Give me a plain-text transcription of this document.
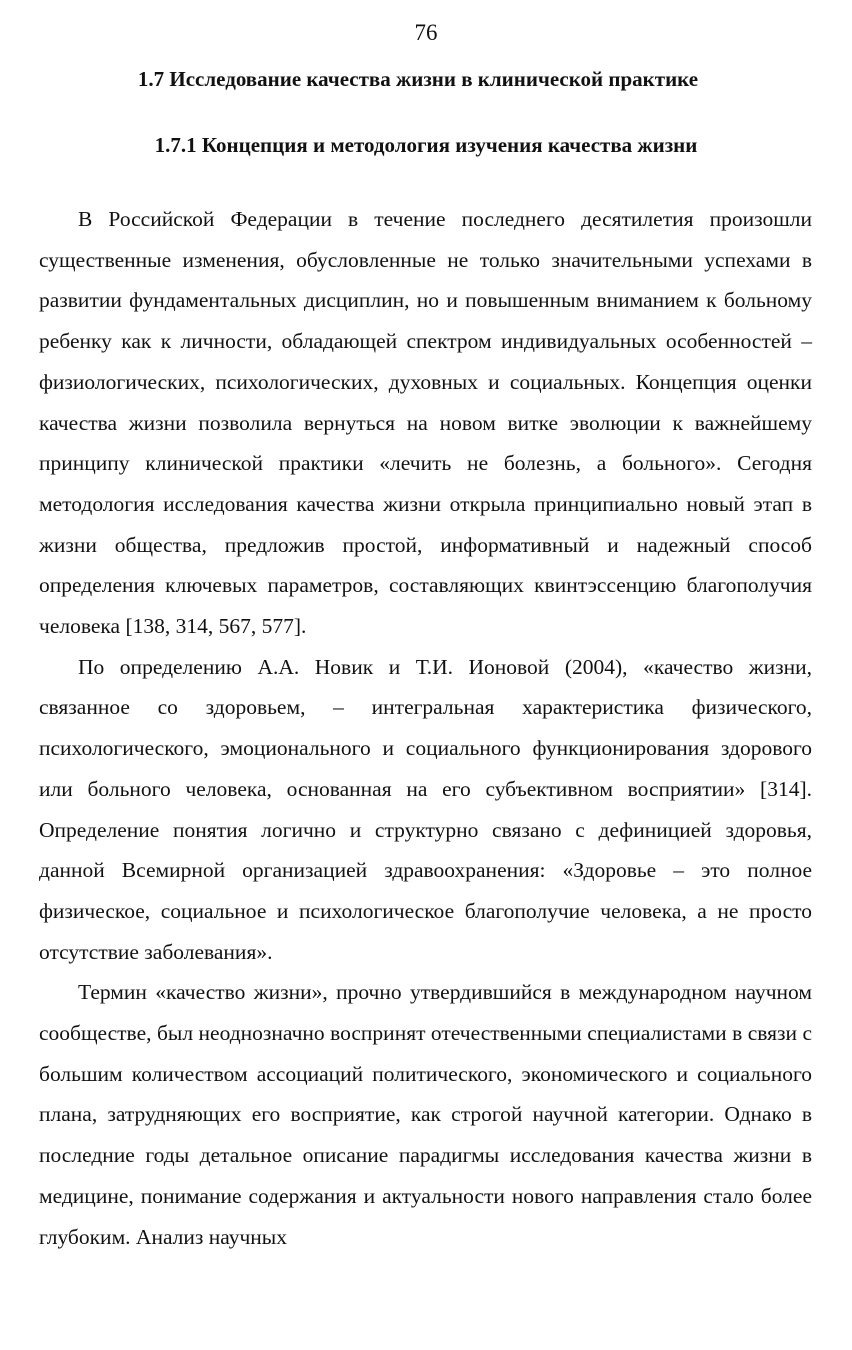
76
1.7 Исследование качества жизни в клинической практике
1.7.1 Концепция и методология изучения качества жизни

В Российской Федерации в течение последнего десятилетия произошли существенные изменения, обусловленные не только значительными успехами в развитии фундаментальных дисциплин, но и повышенным вниманием к больному ребенку как к личности, обладающей спектром индивидуальных особенностей – физиологических, психологических, духовных и социальных. Концепция оценки качества жизни позволила вернуться на новом витке эволюции к важнейшему принципу клинической практики «лечить не болезнь, а больного». Сегодня методология исследования качества жизни открыла принципиально новый этап в жизни общества, предложив простой, информативный и надежный способ определения ключевых параметров, составляющих квинтэссенцию благополучия человека [138, 314, 567, 577].

По определению А.А. Новик и Т.И. Ионовой (2004), «качество жизни, связанное со здоровьем, – интегральная характеристика физического, психологического, эмоционального и социального функционирования здорового или больного человека, основанная на его субъективном восприятии» [314]. Определение понятия логично и структурно связано с дефиницией здоровья, данной Всемирной организацией здравоохранения: «Здоровье – это полное физическое, социальное и психологическое благополучие человека, а не просто отсутствие заболевания».

Термин «качество жизни», прочно утвердившийся в международном научном сообществе, был неоднозначно воспринят отечественными специалистами в связи с большим количеством ассоциаций политического, экономического и социального плана, затрудняющих его восприятие, как строгой научной категории. Однако в последние годы детальное описание парадигмы исследования качества жизни в медицине, понимание содержания и актуальности нового направления стало более глубоким. Анализ научных
